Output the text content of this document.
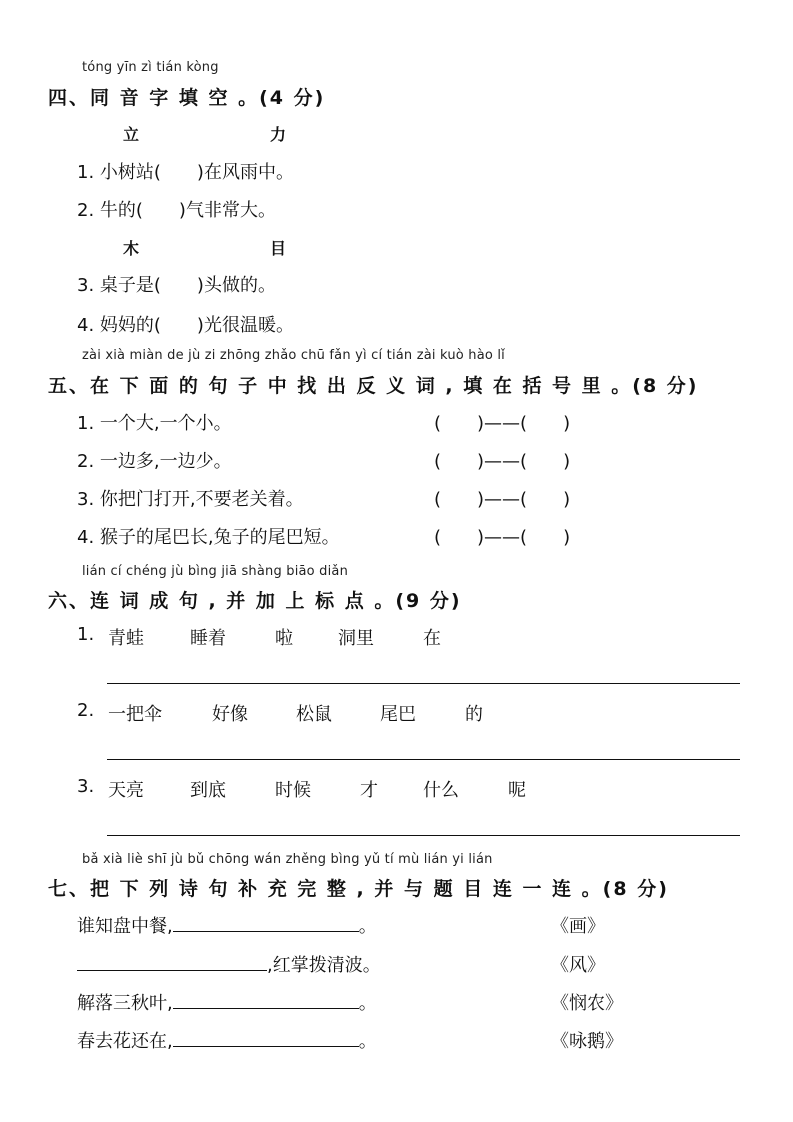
tóng yīn zì tián kòng
四、同 音 字 填 空 。(4 分)
立	力
1. 小树站(　　)在风雨中。
2. 牛的(　　)气非常大。
木	目
3. 桌子是(　　)头做的。
4. 妈妈的(　　)光很温暖。
zài xià miàn de jù zi zhōng zhǎo chū fǎn yì cí tián zài kuò hào lǐ
五、在 下 面 的 句 子 中 找 出 反 义 词 , 填 在 括 号 里 。(8 分)
1. 一个大,一个小。	(　　)——(　　)
2. 一边多,一边少。	(　　)——(　　)
3. 你把门打开,不要老关着。	(　　)——(　　)
4. 猴子的尾巴长,兔子的尾巴短。	(　　)——(　　)
lián cí chéng jù bìng jiā shàng biāo diǎn
六、连 词 成 句 , 并 加 上 标 点 。(9 分)
1. 青蛙	睡着	啦	洞里	在
2. 一把伞	好像	松鼠	尾巴	的
3. 天亮	到底	时候	才	什么	呢
bǎ xià liè shī jù bǔ chōng wán zhěng bìng yǔ tí mù lián yi lián
七、把 下 列 诗 句 补 充 完 整 , 并 与 题 目 连 一 连 。(8 分)
谁知盘中餐,	。	《画》
,红掌拨清波。	《风》
解落三秋叶,	。	《悯农》
春去花还在,	。	《咏鹅》
